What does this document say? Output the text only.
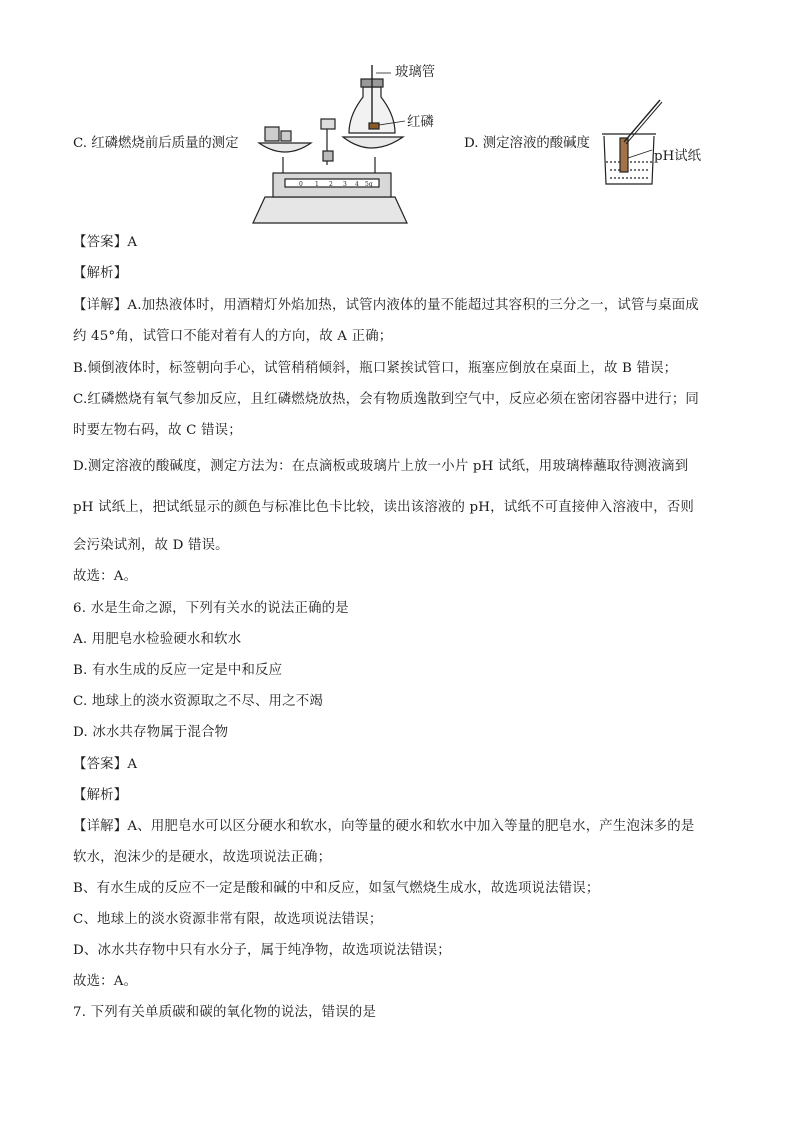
C. 红磷燃烧前后质量的测定
0 1 2 3 4 5g
玻璃管
红磷
D. 测定溶液的酸碱度
pH试纸
【答案】A
【解析】
【详解】A.加热液体时，用酒精灯外焰加热，试管内液体的量不能超过其容积的三分之一，试管与桌面成
约 45°角，试管口不能对着有人的方向，故 A 正确；
B.倾倒液体时，标签朝向手心，试管稍稍倾斜，瓶口紧挨试管口，瓶塞应倒放在桌面上，故 B 错误；
C.红磷燃烧有氧气参加反应，且红磷燃烧放热，会有物质逸散到空气中，反应必须在密闭容器中进行；同
时要左物右码，故 C 错误；
D.测定溶液的酸碱度，测定方法为：在点滴板或玻璃片上放一小片 pH 试纸，用玻璃棒蘸取待测液滴到
pH 试纸上，把试纸显示的颜色与标准比色卡比较，读出该溶液的 pH，试纸不可直接伸入溶液中，否则
会污染试剂，故 D 错误。
故选：A。
6. 水是生命之源，下列有关水的说法正确的是
A. 用肥皂水检验硬水和软水
B. 有水生成的反应一定是中和反应
C. 地球上的淡水资源取之不尽、用之不竭
D. 冰水共存物属于混合物
【答案】A
【解析】
【详解】A、用肥皂水可以区分硬水和软水，向等量的硬水和软水中加入等量的肥皂水，产生泡沫多的是
软水，泡沫少的是硬水，故选项说法正确；
B、有水生成的反应不一定是酸和碱的中和反应，如氢气燃烧生成水，故选项说法错误；
C、地球上的淡水资源非常有限，故选项说法错误；
D、冰水共存物中只有水分子，属于纯净物，故选项说法错误；
故选：A。
7. 下列有关单质碳和碳的氧化物的说法，错误的是
